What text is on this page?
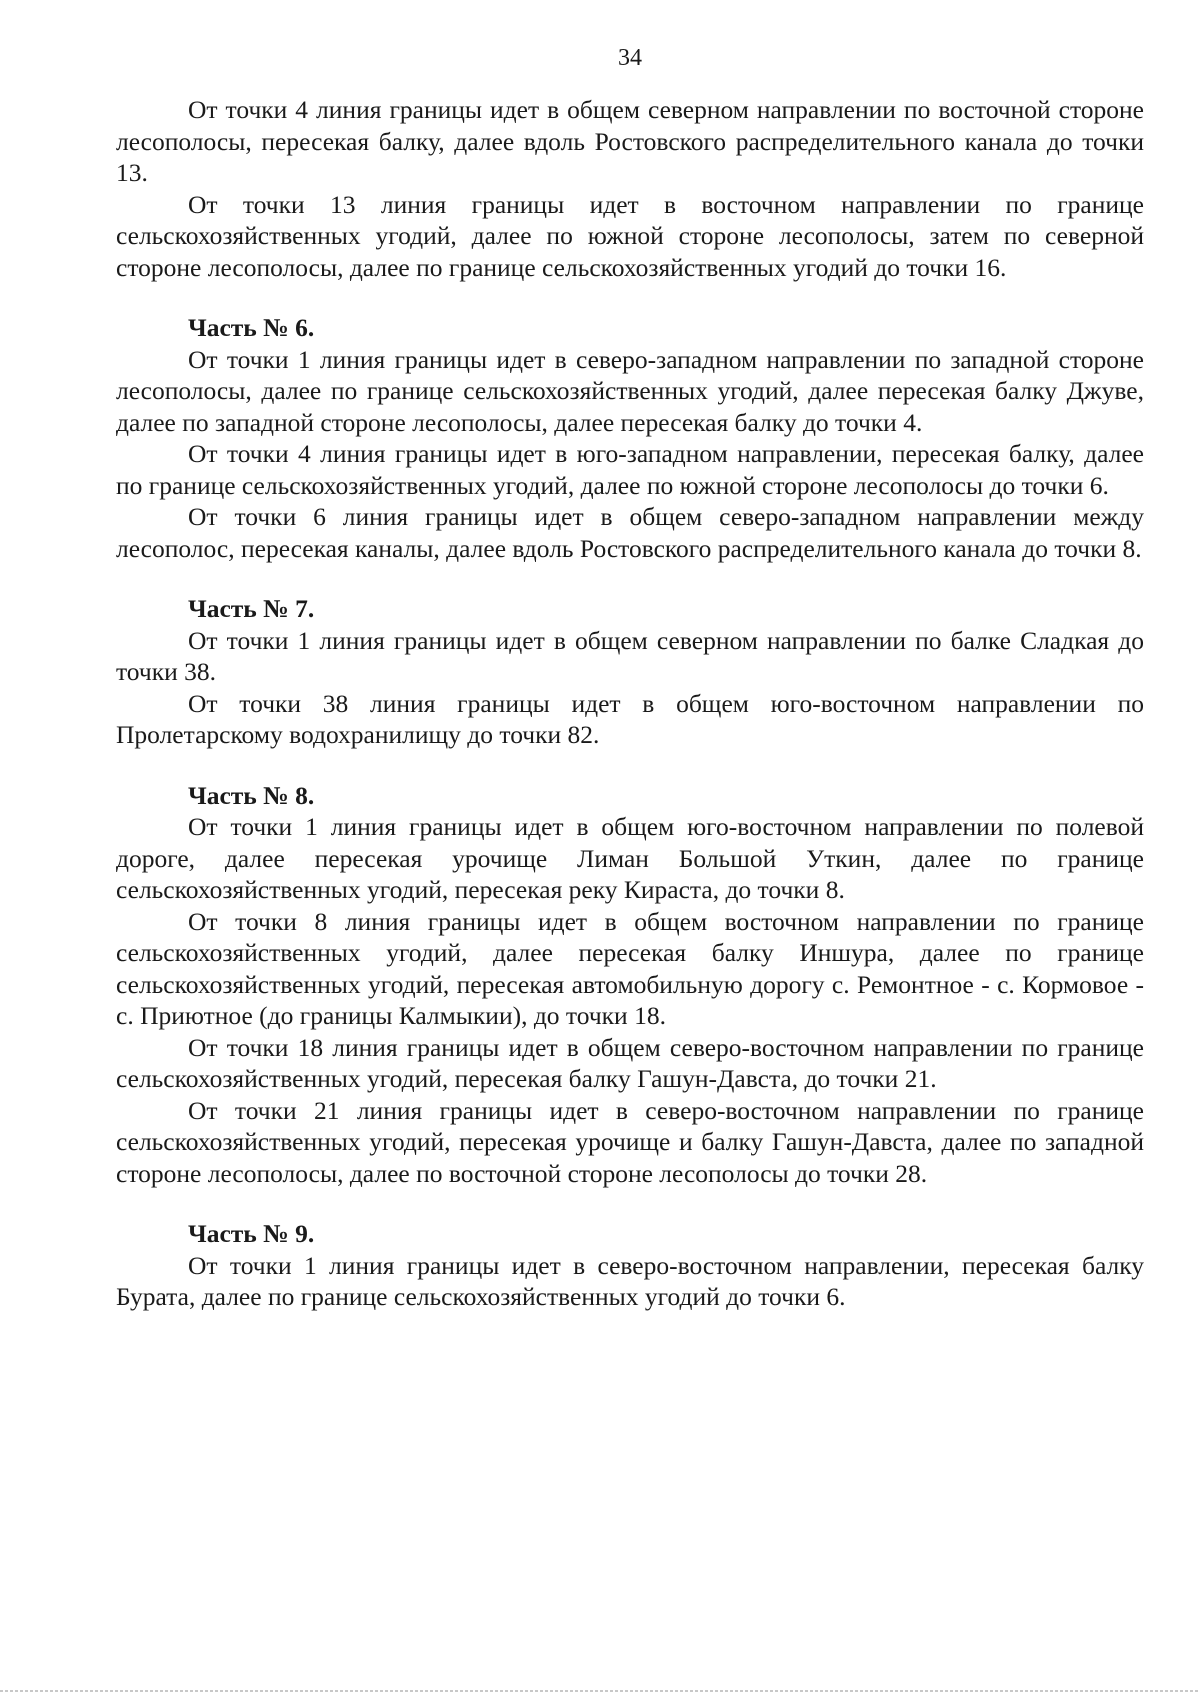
34

От точки 4 линия границы идет в общем северном направлении по восточной стороне лесополосы, пересекая балку, далее вдоль Ростовского распределительного канала до точки 13.

От точки 13 линия границы идет в восточном направлении по границе сельскохозяйственных угодий, далее по южной стороне лесополосы, затем по северной стороне лесополосы, далее по границе сельскохозяйственных угодий до точки 16.

Часть № 6.

От точки 1 линия границы идет в северо-западном направлении по западной стороне лесополосы, далее по границе сельскохозяйственных угодий, далее пересекая балку Джуве, далее по западной стороне лесополосы, далее пересекая балку до точки 4.

От точки 4 линия границы идет в юго-западном направлении, пересекая балку, далее по границе сельскохозяйственных угодий, далее по южной стороне лесополосы до точки 6.

От точки 6 линия границы идет в общем северо-западном направлении между лесополос, пересекая каналы, далее вдоль Ростовского распределительного канала до точки 8.

Часть № 7.

От точки 1 линия границы идет в общем северном направлении по балке Сладкая до точки 38.

От точки 38 линия границы идет в общем юго-восточном направлении по Пролетарскому водохранилищу до точки 82.

Часть № 8.

От точки 1 линия границы идет в общем юго-восточном направлении по полевой дороге, далее пересекая урочище Лиман Большой Уткин, далее по границе сельскохозяйственных угодий, пересекая реку Кираста, до точки 8.

От точки 8 линия границы идет в общем восточном направлении по границе сельскохозяйственных угодий, далее пересекая балку Иншура, далее по границе сельскохозяйственных угодий, пересекая автомобильную дорогу с. Ремонтное - с. Кормовое - с. Приютное (до границы Калмыкии), до точки 18.

От точки 18 линия границы идет в общем северо-восточном направлении по границе сельскохозяйственных угодий, пересекая балку Гашун-Давста, до точки 21.

От точки 21 линия границы идет в северо-восточном направлении по границе сельскохозяйственных угодий, пересекая урочище и балку Гашун-Давста, далее по западной стороне лесополосы, далее по восточной стороне лесополосы до точки 28.

Часть № 9.

От точки 1 линия границы идет в северо-восточном направлении, пересекая балку Бурата, далее по границе сельскохозяйственных угодий до точки 6.
